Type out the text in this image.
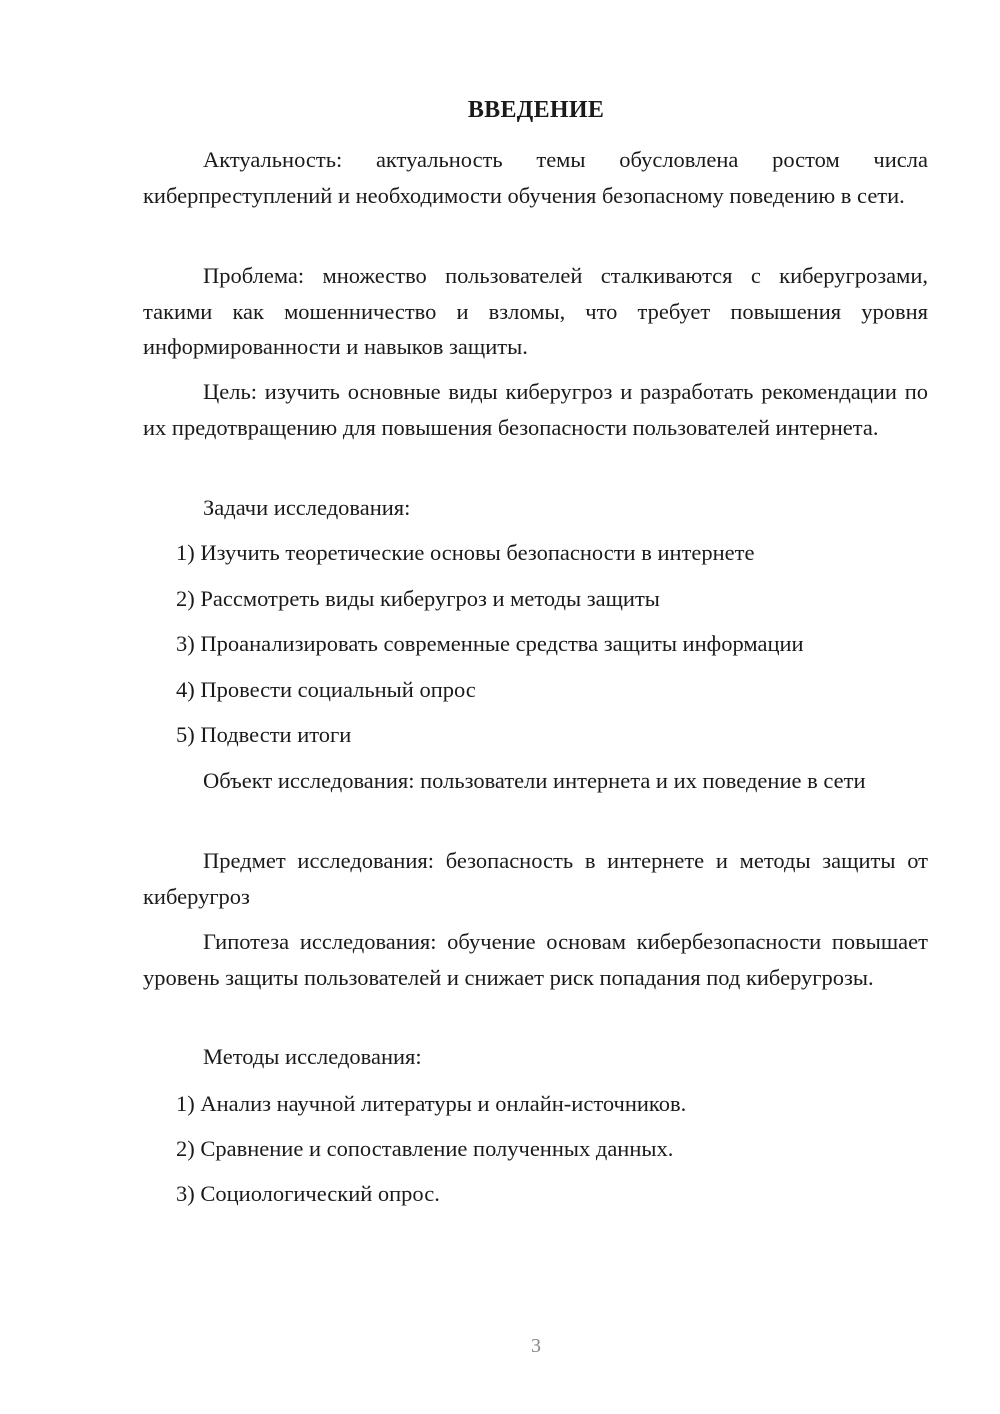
ВВЕДЕНИЕ

Актуальность: актуальность темы обусловлена ростом числа киберпреступлений и необходимости обучения безопасному поведению в сети.

Проблема: множество пользователей сталкиваются с киберугрозами, такими как мошенничество и взломы, что требует повышения уровня информированности и навыков защиты.

Цель: изучить основные виды киберугроз и разработать рекомендации по их предотвращению для повышения безопасности пользователей интернета.

Задачи исследования:

1) Изучить теоретические основы безопасности в интернете

2) Рассмотреть виды киберугроз и методы защиты

3) Проанализировать современные средства защиты информации

4) Провести социальный опрос

5) Подвести итоги

Объект исследования: пользователи интернета и их поведение в сети

Предмет исследования: безопасность в интернете и методы защиты от киберугроз

Гипотеза исследования: обучение основам кибербезопасности повышает уровень защиты пользователей и снижает риск попадания под киберугрозы.

Методы исследования:

1) Анализ научной литературы и онлайн-источников.

2) Сравнение и сопоставление полученных данных.

3) Социологический опрос.

3
